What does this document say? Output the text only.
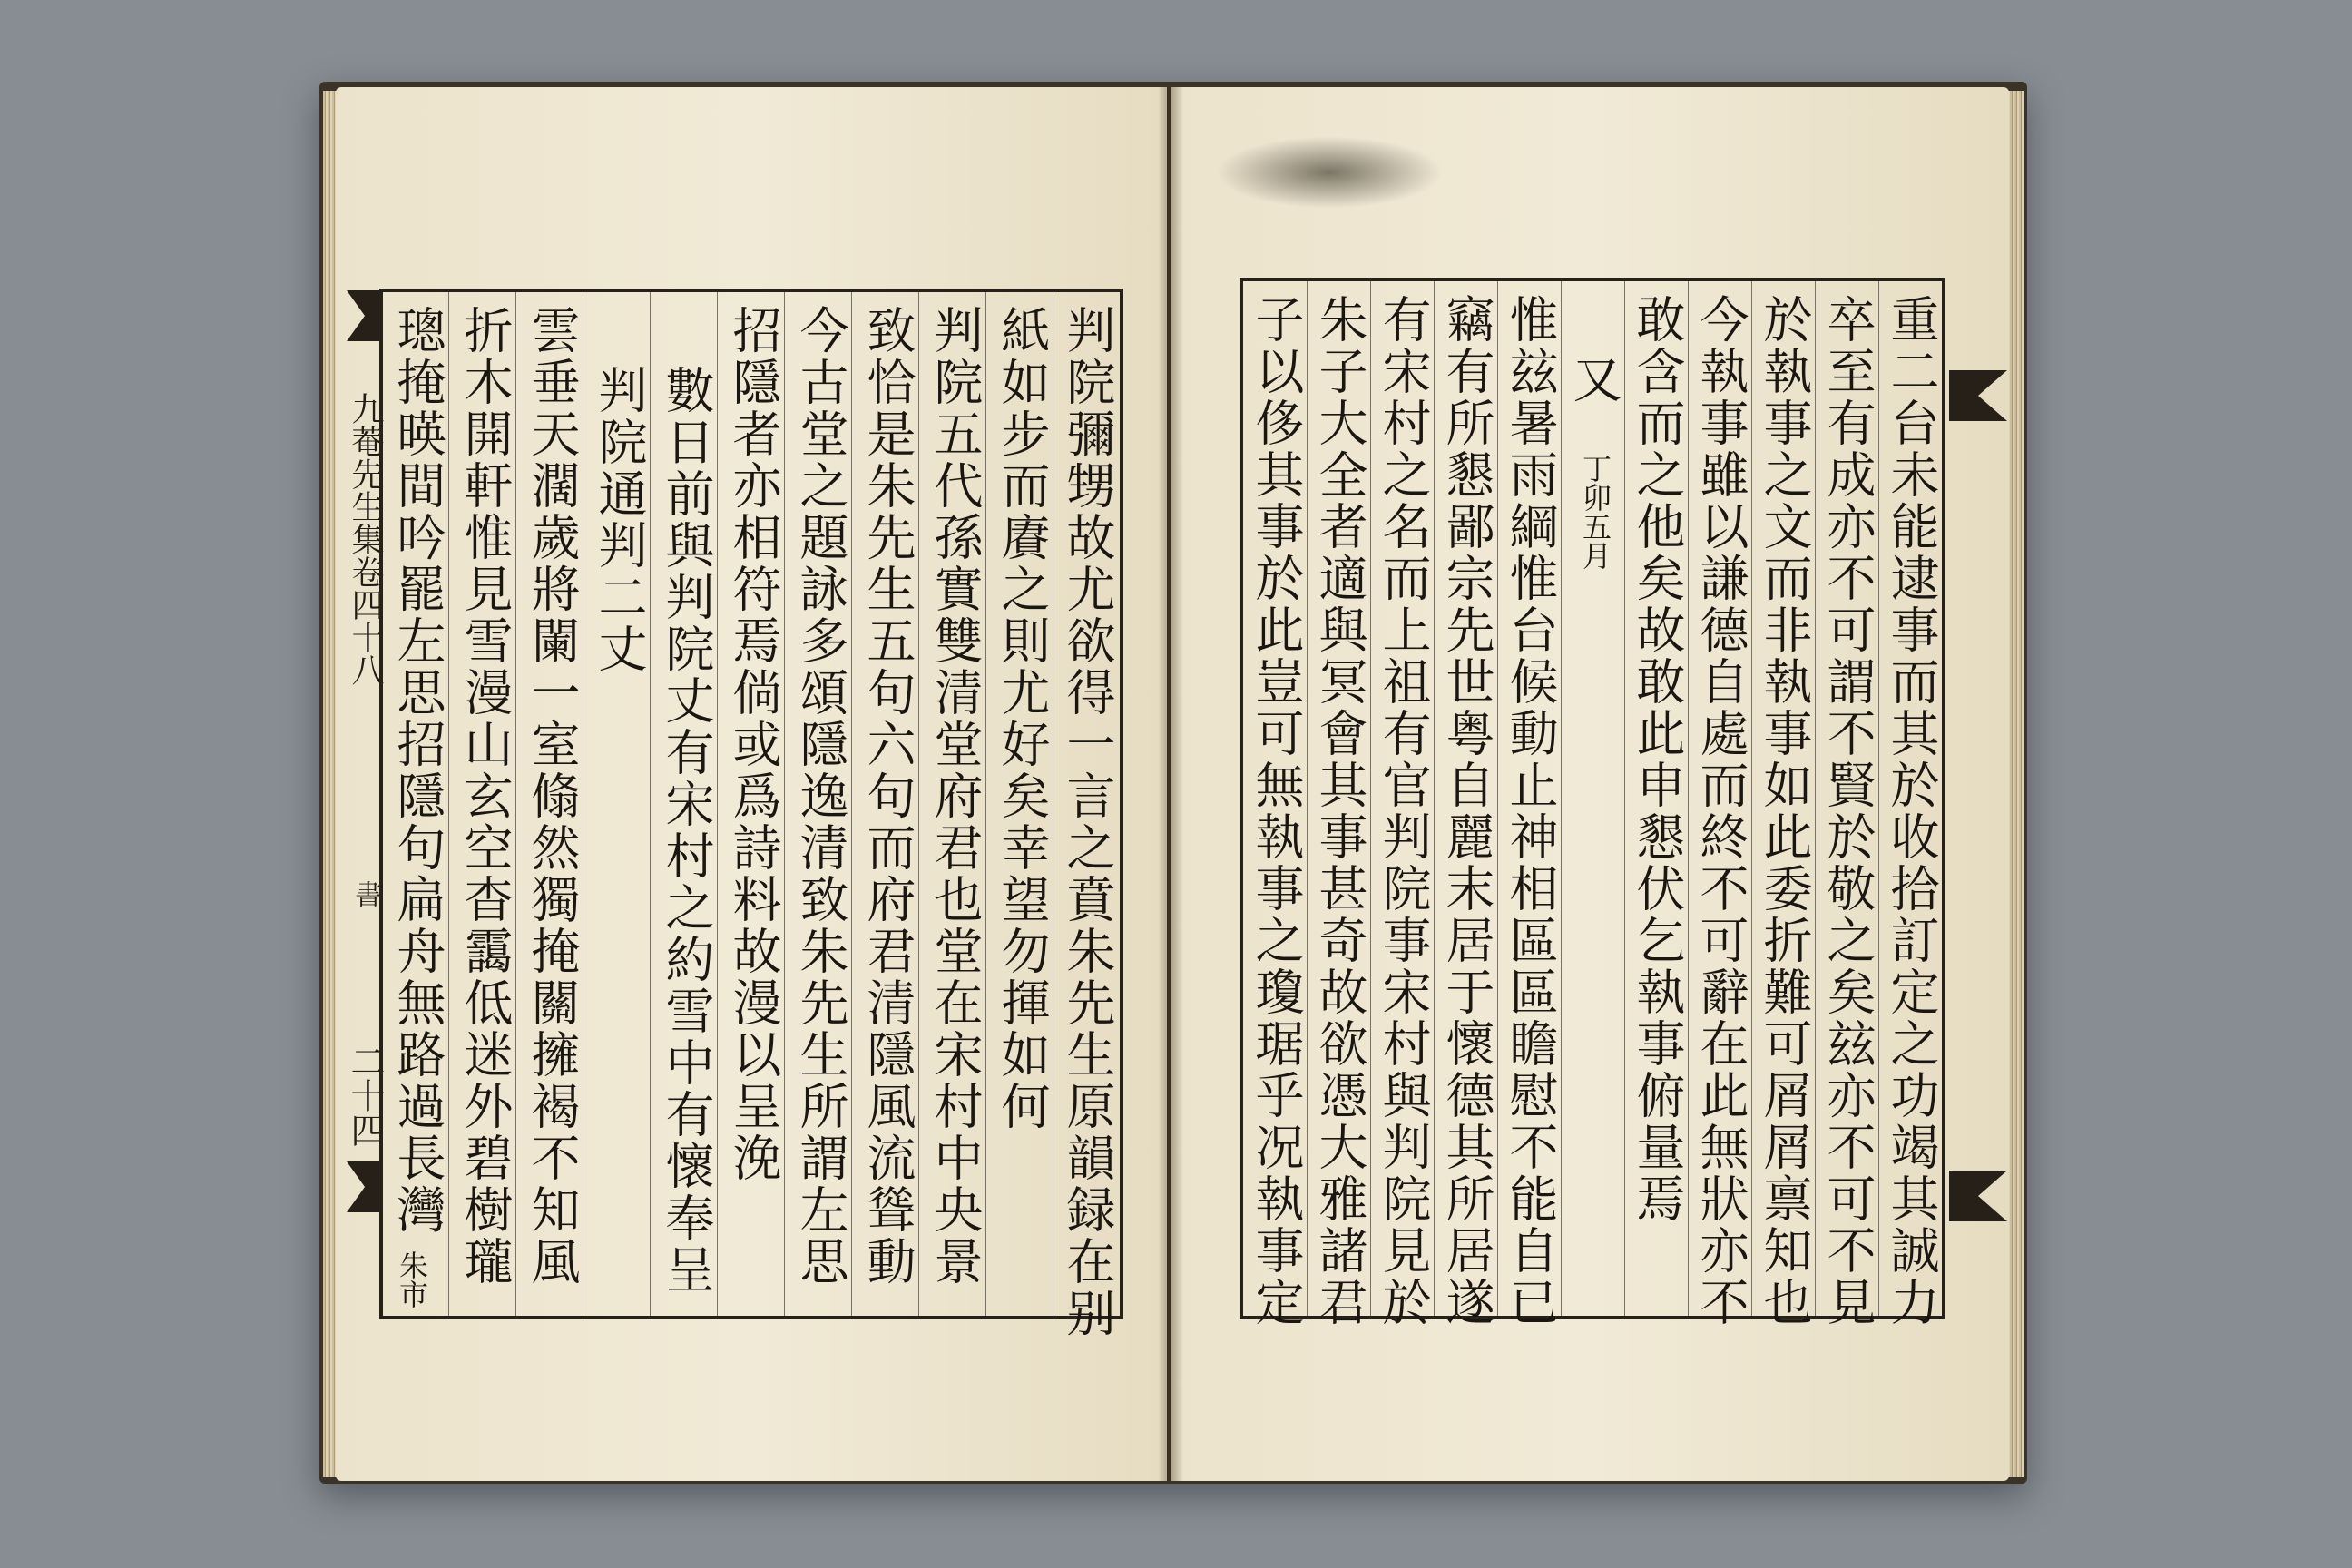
九菴先生集卷四十八
書
二十四 璁掩暎間吟罷左思招隱句扁舟無路過長灣 折木開軒惟見雪漫山玄空杳靄低迷外碧樹瓏 雲垂天濶歲將闌一室翛然獨掩關擁褐不知風 判院通判二丈 數日前與判院丈有宋村之約雪中有懷奉呈 招隱者亦相符焉倘或爲詩料故漫以呈浼 今古堂之題詠多頌隱逸清致朱先生所謂左思 致恰是朱先生五句六句而府君清隱風流聳動 判院五代孫實雙清堂府君也堂在宋村中央景 紙如步而賡之則尤好矣幸望勿揮如何 判院彌甥故尤欲得一言之賁朱先生原韻録在别
朱市	子以侈其事於此豈可無執事之瓊琚乎况執事定 朱子大全者適與冥會其事甚奇故欲憑大雅諸君 有宋村之名而上祖有官判院事宋村與判院見於 竊有所懇鄙宗先世粤自麗末居于懷德其所居遂 惟玆暑雨綱惟台候動止神相區區瞻慰不能自已 又
丁卯五月 敢含而之他矣故敢此申懇伏乞執事俯量焉 今執事雖以謙德自處而終不可辭在此無狀亦不 於執事之文而非執事如此委折難可屑屑禀知也 卒至有成亦不可謂不賢於敬之矣玆亦不可不見 重二台未能逮事而其於收拾訂定之功竭其誠力
